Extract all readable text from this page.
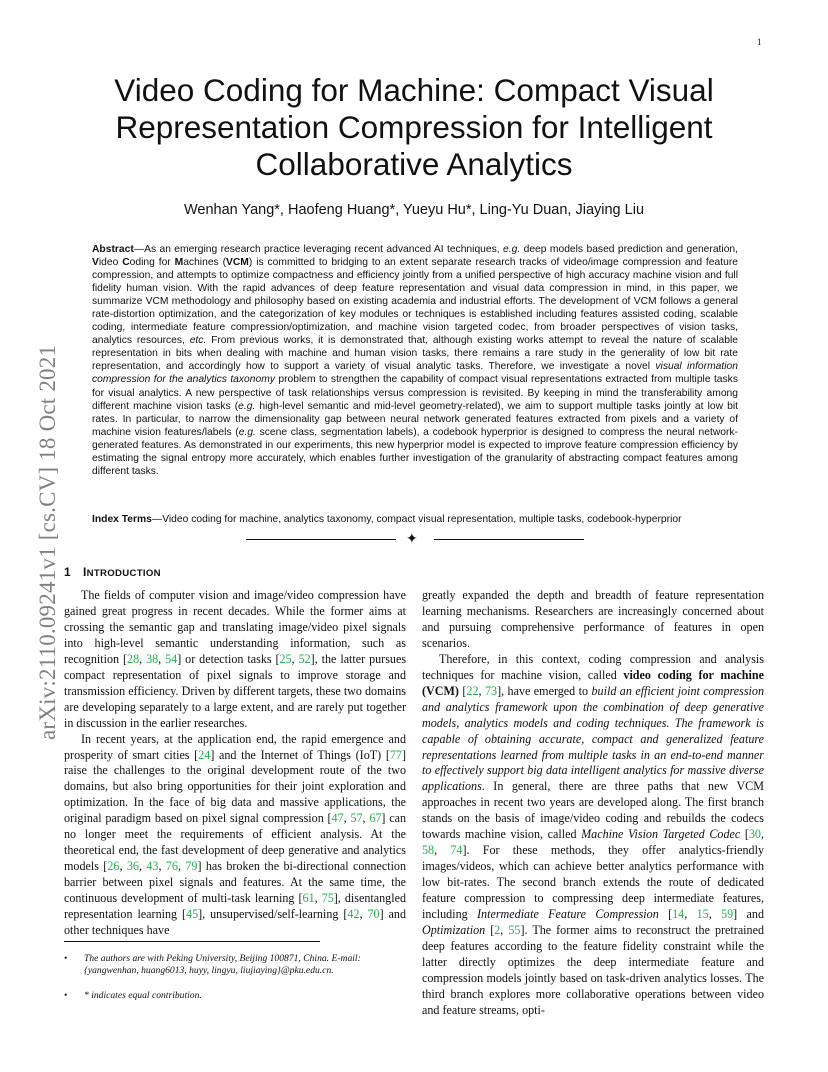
1
arXiv:2110.09241v1 [cs.CV] 18 Oct 2021
Video Coding for Machine: Compact Visual
Representation Compression for Intelligent
Collaborative Analytics
Wenhan Yang*, Haofeng Huang*, Yueyu Hu*, Ling-Yu Duan, Jiaying Liu
Abstract—As an emerging research practice leveraging recent advanced AI techniques, e.g. deep models based prediction and generation, Video Coding for Machines (VCM) is committed to bridging to an extent separate research tracks of video/image compression and feature compression, and attempts to optimize compactness and efficiency jointly from a unified perspective of high accuracy machine vision and full fidelity human vision. With the rapid advances of deep feature representation and visual data compression in mind, in this paper, we summarize VCM methodology and philosophy based on existing academia and industrial efforts. The development of VCM follows a general rate-distortion optimization, and the categorization of key modules or techniques is established including features assisted coding, scalable coding, intermediate feature compression/optimization, and machine vision targeted codec, from broader perspectives of vision tasks, analytics resources, etc. From previous works, it is demonstrated that, although existing works attempt to reveal the nature of scalable representation in bits when dealing with machine and human vision tasks, there remains a rare study in the generality of low bit rate representation, and accordingly how to support a variety of visual analytic tasks. Therefore, we investigate a novel visual information compression for the analytics taxonomy problem to strengthen the capability of compact visual representations extracted from multiple tasks for visual analytics. A new perspective of task relationships versus compression is revisited. By keeping in mind the transferability among different machine vision tasks (e.g. high-level semantic and mid-level geometry-related), we aim to support multiple tasks jointly at low bit rates. In particular, to narrow the dimensionality gap between neural network generated features extracted from pixels and a variety of machine vision features/labels (e.g. scene class, segmentation labels), a codebook hyperprior is designed to compress the neural network-generated features. As demonstrated in our experiments, this new hyperprior model is expected to improve feature compression efficiency by estimating the signal entropy more accurately, which enables further investigation of the granularity of abstracting compact features among different tasks.
Index Terms—Video coding for machine, analytics taxonomy, compact visual representation, multiple tasks, codebook-hyperprior
✦
1 INTRODUCTION

The fields of computer vision and image/video compression have gained great progress in recent decades. While the former aims at crossing the semantic gap and translating image/video pixel signals into high-level semantic understanding information, such as recognition [28, 38, 54] or detection tasks [25, 52], the latter pursues compact representation of pixel signals to improve storage and transmission efficiency. Driven by different targets, these two domains are developing separately to a large extent, and are rarely put together in discussion in the earlier researches.

In recent years, at the application end, the rapid emergence and prosperity of smart cities [24] and the Internet of Things (IoT) [77] raise the challenges to the original development route of the two domains, but also bring opportunities for their joint exploration and optimization. In the face of big data and massive applications, the original paradigm based on pixel signal compression [47, 57, 67] can no longer meet the requirements of efficient analysis. At the theoretical end, the fast development of deep generative and analytics models [26, 36, 43, 76, 79] has broken the bi-directional connection barrier between pixel signals and features. At the same time, the continuous development of multi-task learning [61, 75], disentangled representation learning [45], unsupervised/self-learning [42, 70] and other techniques have

• The authors are with Peking University, Beijing 100871, China. E-mail: {yangwenhan, huang6013, huyy, lingyu, liujiaying}@pku.edu.cn.
• * indicates equal contribution.

greatly expanded the depth and breadth of feature representation learning mechanisms. Researchers are increasingly concerned about and pursuing comprehensive performance of features in open scenarios.

Therefore, in this context, coding compression and analysis techniques for machine vision, called video coding for machine (VCM) [22, 73], have emerged to build an efficient joint compression and analytics framework upon the combination of deep generative models, analytics models and coding techniques. The framework is capable of obtaining accurate, compact and generalized feature representations learned from multiple tasks in an end-to-end manner to effectively support big data intelligent analytics for massive diverse applications. In general, there are three paths that new VCM approaches in recent two years are developed along. The first branch stands on the basis of image/video coding and rebuilds the codecs towards machine vision, called Machine Vision Targeted Codec [30, 58, 74]. For these methods, they offer analytics-friendly images/videos, which can achieve better analytics performance with low bit-rates. The second branch extends the route of dedicated feature compression to compressing deep intermediate features, including Intermediate Feature Compression [14, 15, 59] and Optimization [2, 55]. The former aims to reconstruct the pretrained deep features according to the feature fidelity constraint while the latter directly optimizes the deep intermediate feature and compression models jointly based on task-driven analytics losses. The third branch explores more collaborative operations between video and feature streams, opti-
